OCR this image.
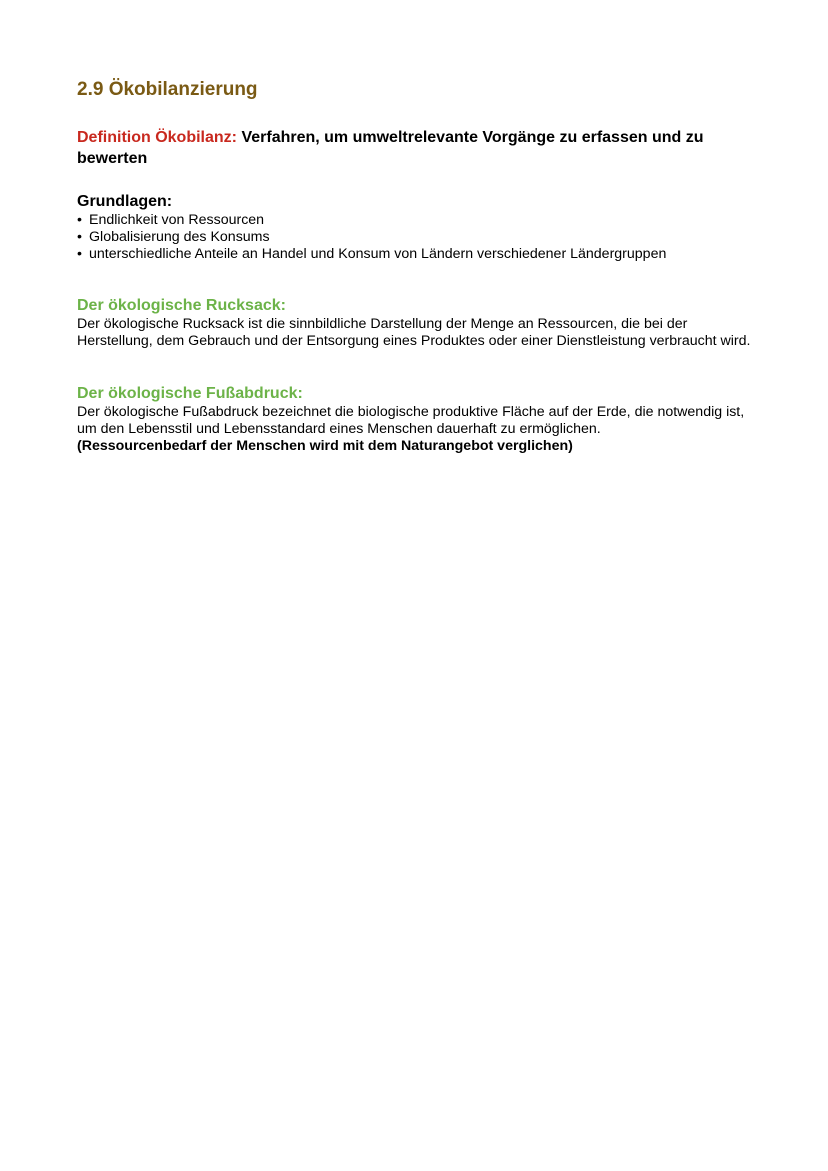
2.9 Ökobilanzierung

Definition Ökobilanz: Verfahren, um umweltrelevante Vorgänge zu erfassen und zu bewerten

Grundlagen:

• Endlichkeit von Ressourcen
• Globalisierung des Konsums
• unterschiedliche Anteile an Handel und Konsum von Ländern verschiedener Ländergruppen

Der ökologische Rucksack:

Der ökologische Rucksack ist die sinnbildliche Darstellung der Menge an Ressourcen, die bei der Herstellung, dem Gebrauch und der Entsorgung eines Produktes oder einer Dienstleistung verbraucht wird.

Der ökologische Fußabdruck:

Der ökologische Fußabdruck bezeichnet die biologische produktive Fläche auf der Erde, die notwendig ist, um den Lebensstil und Lebensstandard eines Menschen dauerhaft zu ermöglichen.

(Ressourcenbedarf der Menschen wird mit dem Naturangebot verglichen)
